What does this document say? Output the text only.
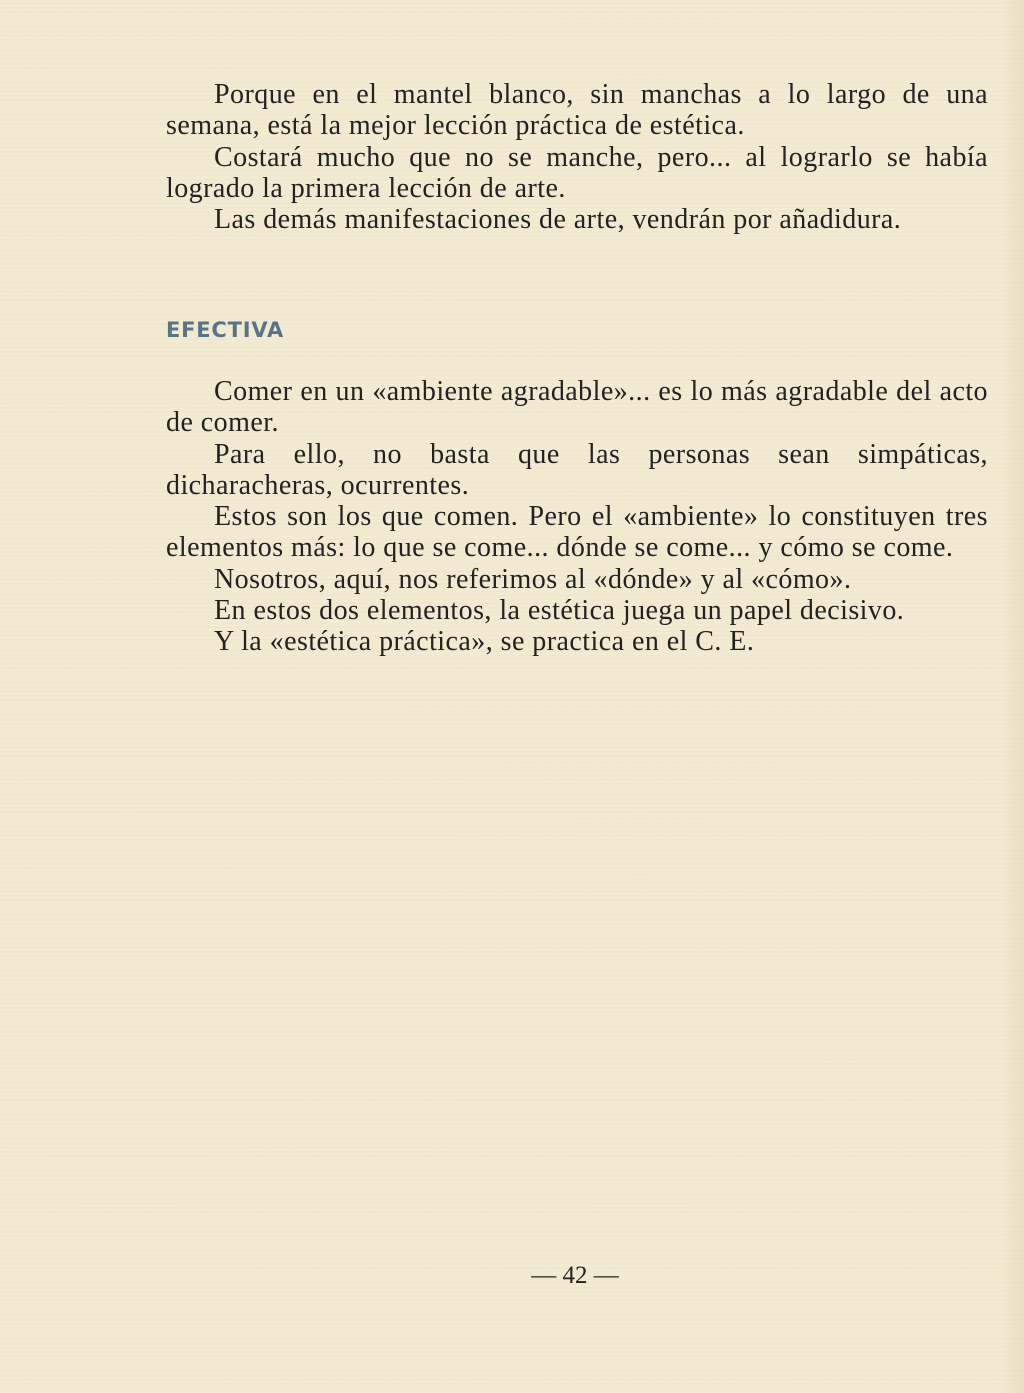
Porque en el mantel blanco, sin manchas a lo largo de una semana, está la mejor lección práctica de estética.

Costará mucho que no se manche, pero... al lograrlo se había logrado la primera lección de arte.

Las demás manifestaciones de arte, vendrán por añadidura.

EFECTIVA

Comer en un «ambiente agradable»... es lo más agradable del acto de comer.

Para ello, no basta que las personas sean simpáticas, dicharacheras, ocurrentes.

Estos son los que comen. Pero el «ambiente» lo constituyen tres elementos más: lo que se come... dónde se come... y cómo se come.

Nosotros, aquí, nos referimos al «dónde» y al «cómo».

En estos dos elementos, la estética juega un papel decisivo.

Y la «estética práctica», se practica en el C. E.

— 42 —
